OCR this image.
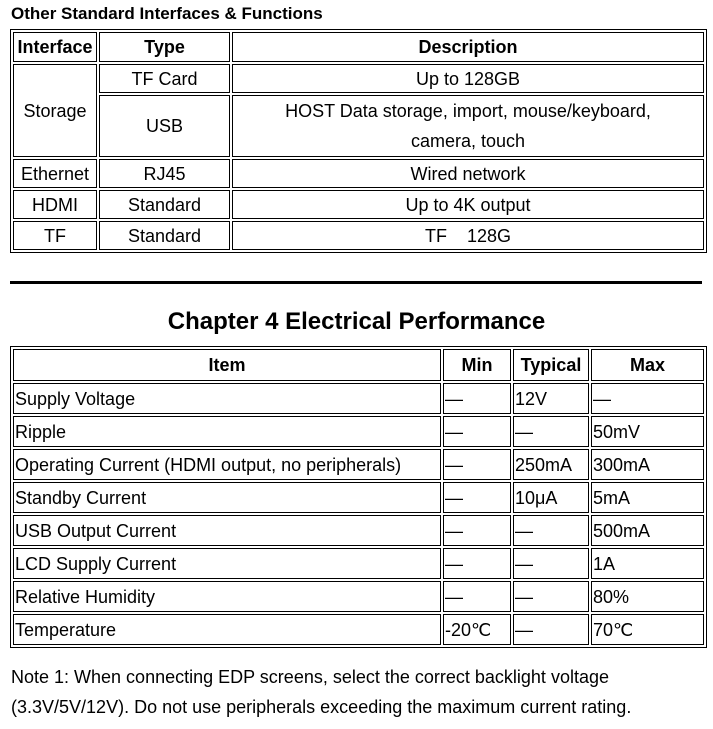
Other Standard Interfaces & Functions
Interface	Type	Description
Storage	TF Card	Up to 128GB
	USB	HOST Data storage, import, mouse/keyboard,
camera, touch
Ethernet	RJ45	Wired network
HDMI	Standard	Up to 4K output
TF	Standard	TF    128G
Chapter 4 Electrical Performance
Item	Min	Typical	Max
Supply Voltage	—	12V	—
Ripple	—	—	50mV
Operating Current (HDMI output, no peripherals)	—	250mA	300mA
Standby Current	—	10μA	5mA
USB Output Current	—	—	500mA
LCD Supply Current	—	—	1A
Relative Humidity	—	—	80%
Temperature	-20℃	—	70℃

Note 1: When connecting EDP screens, select the correct backlight voltage
(3.3V/5V/12V). Do not use peripherals exceeding the maximum current rating.
